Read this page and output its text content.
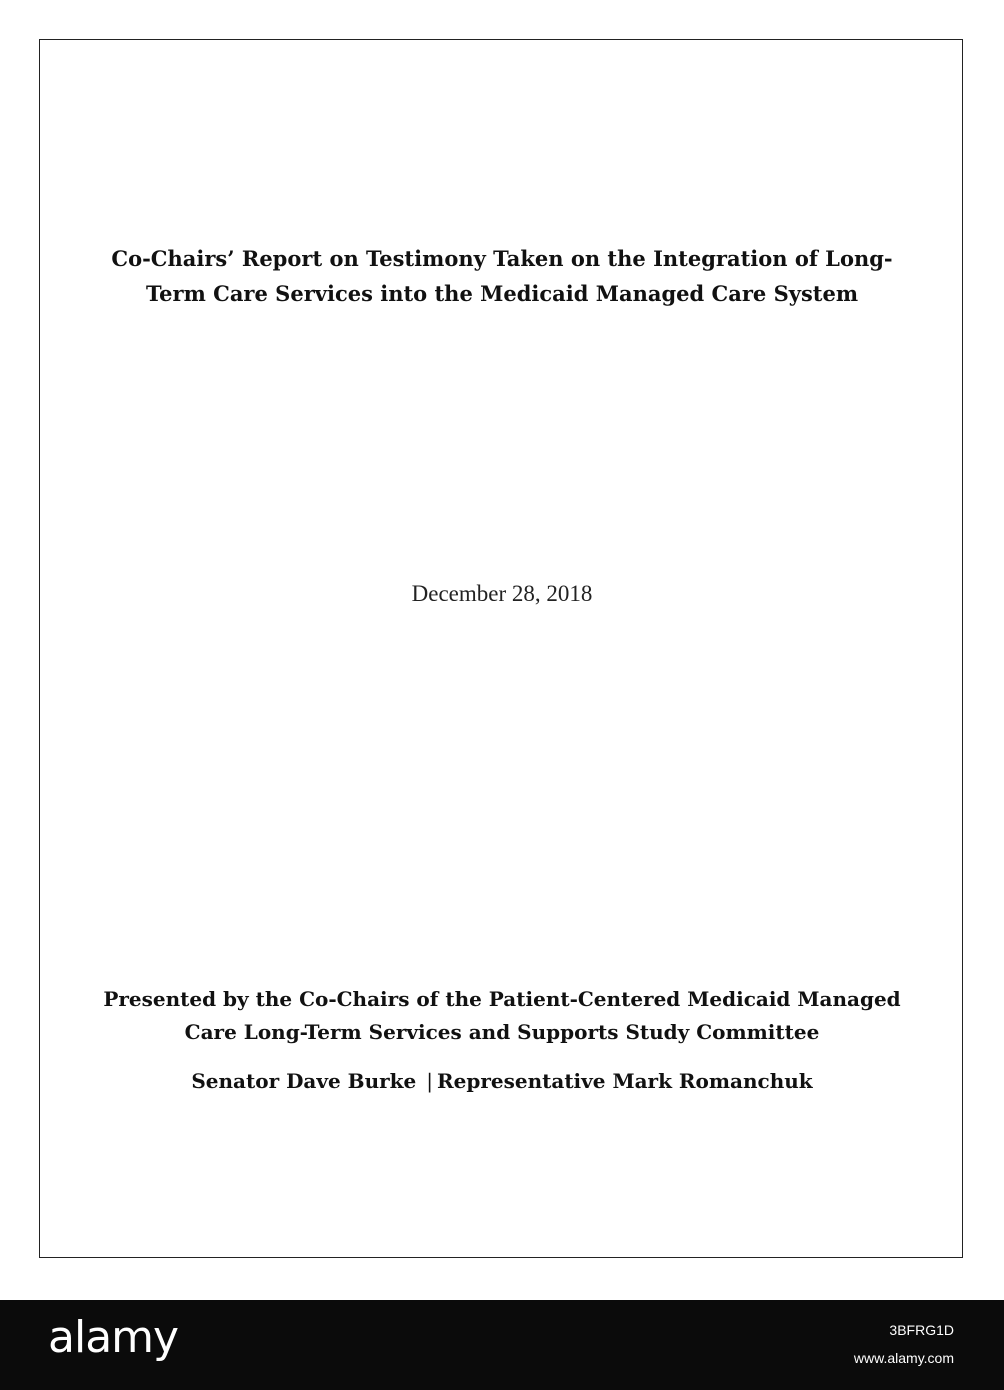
Co-Chairs’ Report on Testimony Taken on the Integration of Long-
Term Care Services into the Medicaid Managed Care System
December 28, 2018
Presented by the Co-Chairs of the Patient-Centered Medicaid Managed
Care Long-Term Services and Supports Study Committee
Senator Dave Burke | Representative Mark Romanchuk
alamy	3BFRG1D
www.alamy.com
